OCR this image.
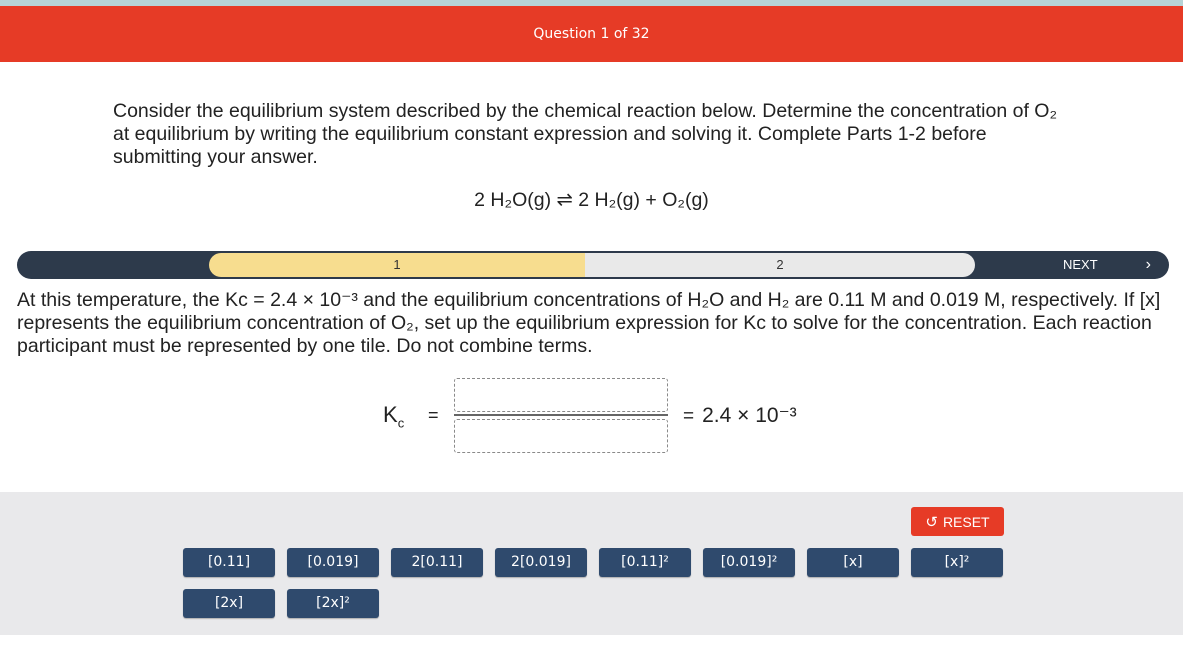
Question 1 of 32

Consider the equilibrium system described by the chemical reaction below. Determine the concentration of O₂ at equilibrium by writing the equilibrium constant expression and solving it. Complete Parts 1-2 before submitting your answer.

2 H₂O(g) ⇌ 2 H₂(g) + O₂(g)
1	2	NEXT	›
At this temperature, the Kc = 2.4 × 10⁻³ and the equilibrium concentrations of H₂O and H₂ are 0.11 M and 0.019 M, respectively. If [x] represents the equilibrium concentration of O₂, set up the equilibrium expression for Kc to solve for the concentration. Each reaction participant must be represented by one tile. Do not combine terms.
$K_c$ =	= 2.4 × 10⁻³
↺ RESET
[0.11]	[0.019]	2[0.11]	2[0.019]	[0.11]²	[0.019]²	[x]	[x]²
[2x]	[2x]²
